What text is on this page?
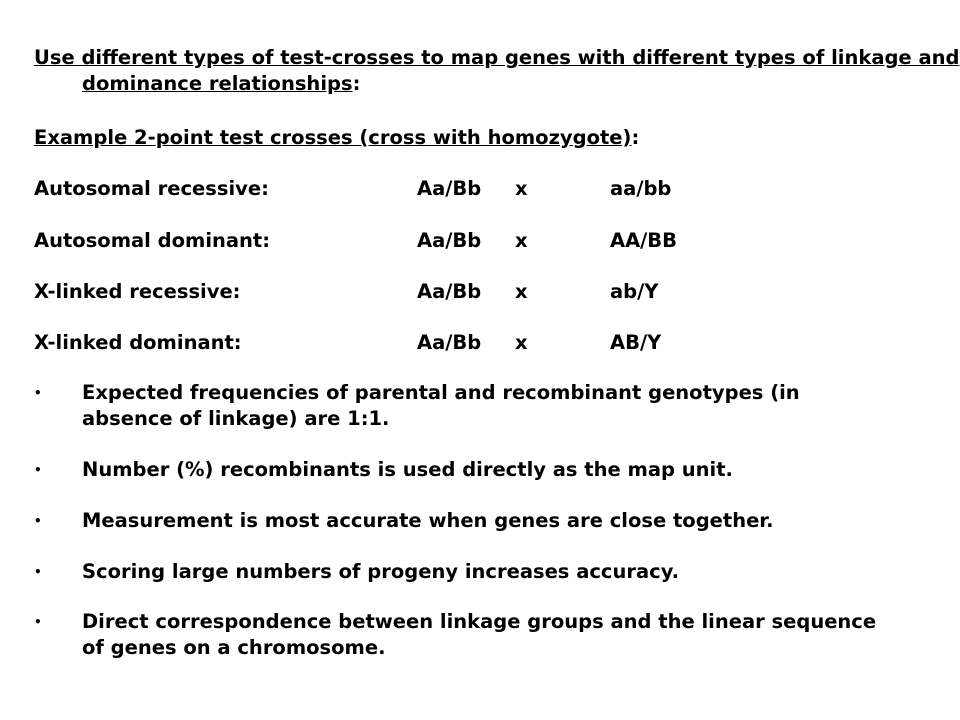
Use different types of test-crosses to map genes with different types of linkage and dominance relationships:
Example 2-point test crosses (cross with homozygote):
Autosomal recessive:	Aa/Bb x	aa/bb
Autosomal dominant:	Aa/Bb x	AA/BB
X-linked recessive:	Aa/Bb x	ab/Y
X-linked dominant:	Aa/Bb x	AB/Y
• Expected frequencies of parental and recombinant genotypes (in absence of linkage) are 1:1.
• Number (%) recombinants is used directly as the map unit.
• Measurement is most accurate when genes are close together.
• Scoring large numbers of progeny increases accuracy.
• Direct correspondence between linkage groups and the linear sequence of genes on a chromosome.
